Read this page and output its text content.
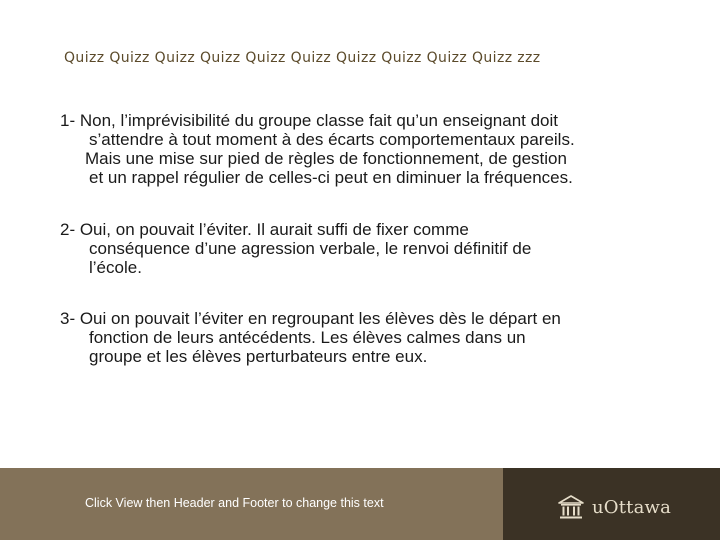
Quizz Quizz Quizz Quizz Quizz Quizz Quizz Quizz Quizz Quizz zzz
1- Non, l’imprévisibilité du groupe classe fait qu’un enseignant doit
s’attendre à tout moment à des écarts comportementaux pareils.
Mais une mise sur pied de règles de fonctionnement, de gestion
et un rappel régulier de celles-ci peut en diminuer la fréquences.
2- Oui, on pouvait l’éviter. Il aurait suffi de fixer comme
conséquence d’une agression verbale, le renvoi définitif de
l’école.
3- Oui on pouvait l’éviter en regroupant les élèves dès le départ en
fonction de leurs antécédents. Les élèves calmes dans un
groupe et les élèves perturbateurs entre eux.
Click View then Header and Footer to change this text	uOttawa
